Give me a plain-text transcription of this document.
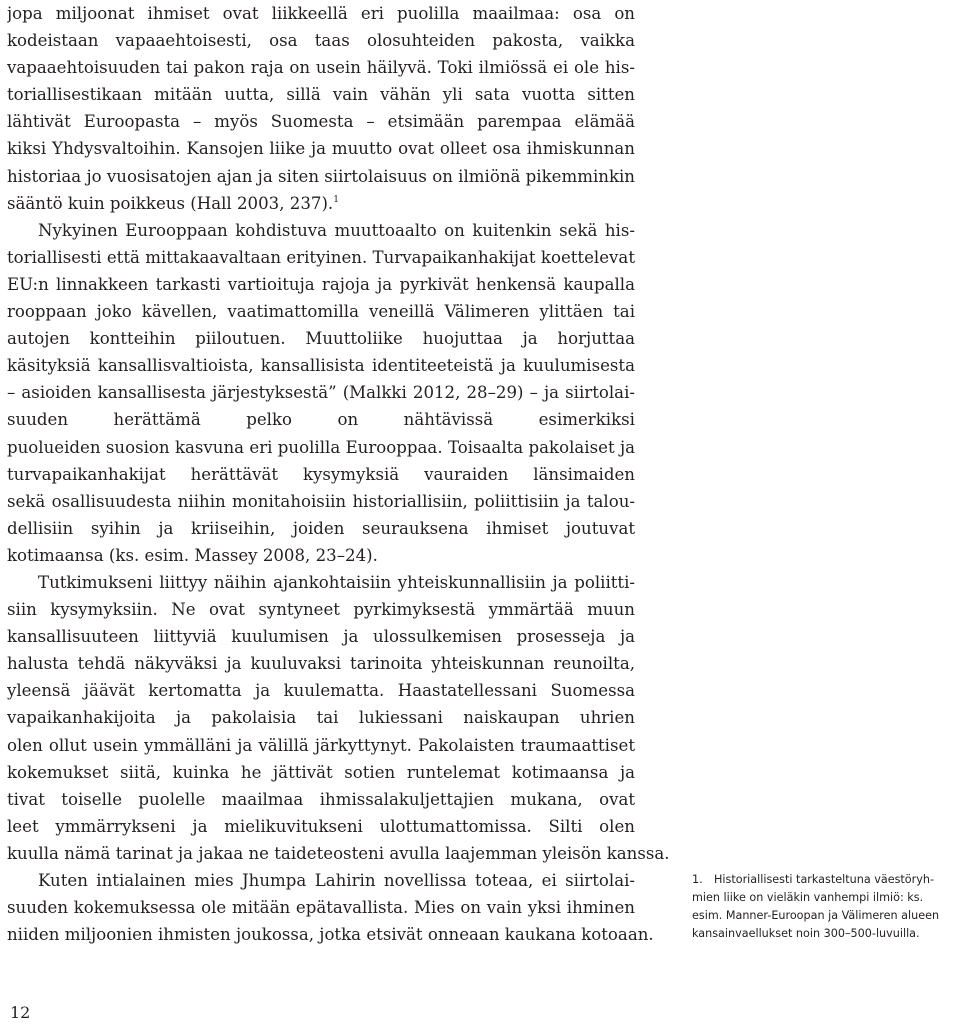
jopa miljoonat ihmiset ovat liikkeellä eri puolilla maailmaa: osa on
kodeistaan vapaaehtoisesti, osa taas olosuhteiden pakosta, vaikka
vapaaehtoisuuden tai pakon raja on usein häilyvä. Toki ilmiössä ei ole his-
toriallisestikaan mitään uutta, sillä vain vähän yli sata vuotta sitten
lähtivät Euroopasta – myös Suomesta – etsimään parempaa elämää
kiksi Yhdysvaltoihin. Kansojen liike ja muutto ovat olleet osa ihmiskunnan
historiaa jo vuosisatojen ajan ja siten siirtolaisuus on ilmiönä pikemminkin
sääntö kuin poikkeus (Hall 2003, 237).$^1$
Nykyinen Eurooppaan kohdistuva muuttoaalto on kuitenkin sekä his-
toriallisesti että mittakaavaltaan erityinen. Turvapaikanhakijat koettelevat
EU:n linnakkeen tarkasti vartioituja rajoja ja pyrkivät henkensä kaupalla
rooppaan joko kävellen, vaatimattomilla veneillä Välimeren ylittäen tai
autojen kontteihin piiloutuen. Muuttoliike huojuttaa ja horjuttaa
käsityksiä kansallisvaltioista, kansallisista identiteeteistä ja kuulumisesta
– asioiden kansallisesta järjestyksestä” (Malkki 2012, 28–29) – ja siirtolai-
suuden herättämä pelko on nähtävissä esimerkiksi
puolueiden suosion kasvuna eri puolilla Eurooppaa. Toisaalta pakolaiset ja
turvapaikanhakijat herättävät kysymyksiä vauraiden länsimaiden
sekä osallisuudesta niihin monitahoisiin historiallisiin, poliittisiin ja talou-
dellisiin syihin ja kriiseihin, joiden seurauksena ihmiset joutuvat
kotimaansa (ks. esim. Massey 2008, 23–24).
Tutkimukseni liittyy näihin ajankohtaisiin yhteiskunnallisiin ja poliitti-
siin kysymyksiin. Ne ovat syntyneet pyrkimyksestä ymmärtää muun
kansallisuuteen liittyviä kuulumisen ja ulossulkemisen prosesseja ja
halusta tehdä näkyväksi ja kuuluvaksi tarinoita yhteiskunnan reunoilta,
yleensä jäävät kertomatta ja kuulematta. Haastatellessani Suomessa
vapaikanhakijoita ja pakolaisia tai lukiessani naiskaupan uhrien
olen ollut usein ymmälläni ja välillä järkyttynyt. Pakolaisten traumaattiset
kokemukset siitä, kuinka he jättivät sotien runtelemat kotimaansa ja
tivat toiselle puolelle maailmaa ihmissalakuljettajien mukana, ovat
leet ymmärrykseni ja mielikuvitukseni ulottumattomissa. Silti olen
kuulla nämä tarinat ja jakaa ne taideteosteni avulla laajemman yleisön kanssa.
Kuten intialainen mies Jhumpa Lahirin novellissa toteaa, ei siirtolai-
suuden kokemuksessa ole mitään epätavallista. Mies on vain yksi ihminen
niiden miljoonien ihmisten joukossa, jotka etsivät onneaan kaukana kotoaan.
1. Historiallisesti tarkasteltuna väestöryh-
mien liike on vieläkin vanhempi ilmiö: ks.
esim. Manner-Euroopan ja Välimeren alueen
kansainvaellukset noin 300–500-luvuilla.
12
